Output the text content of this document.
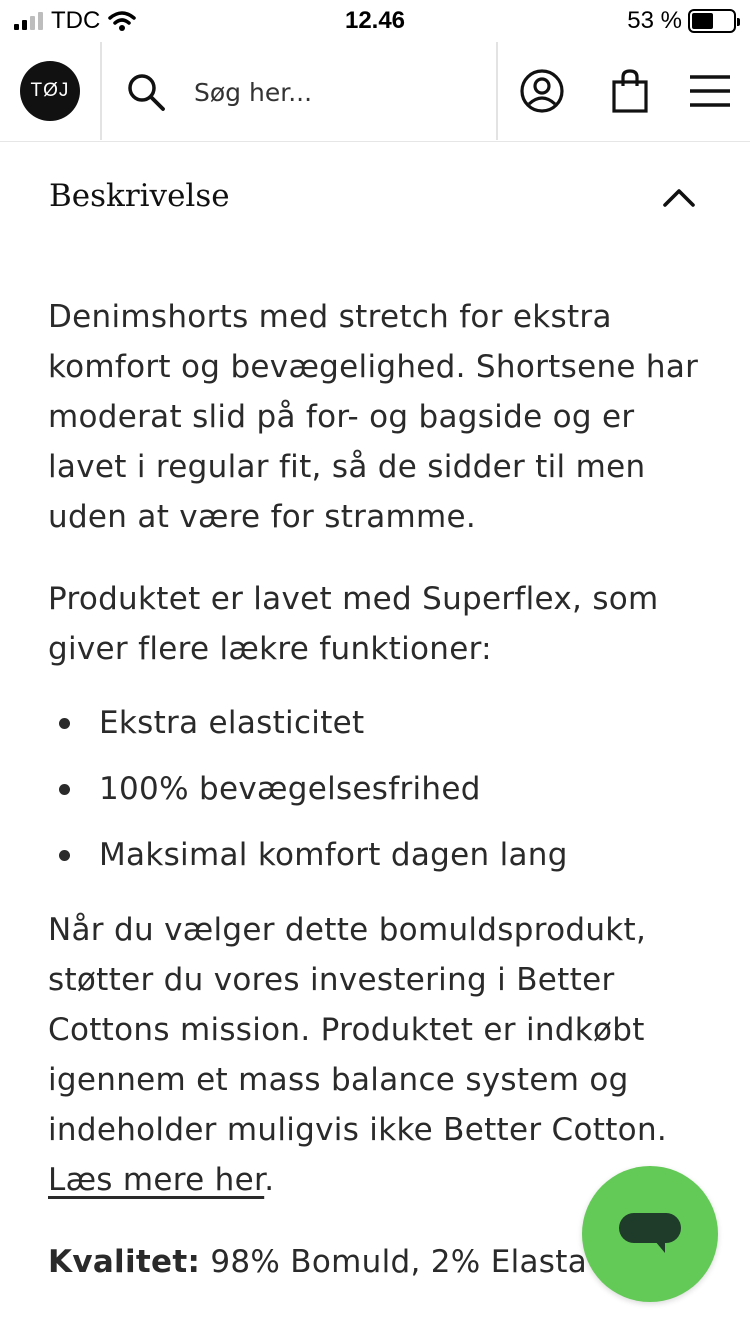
TDC	12.46	53 %
TØJ
Søg her...
Beskrivelse

Denimshorts med stretch for ekstra komfort og bevægelighed. Shortsene har moderat slid på for- og bagside og er lavet i regular fit, så de sidder til men uden at være for stramme.

Produktet er lavet med Superflex, som giver flere lækre funktioner:

Ekstra elasticitet
100% bevægelsesfrihed
Maksimal komfort dagen lang

Når du vælger dette bomuldsprodukt, støtter du vores investering i Better Cottons mission. Produktet er indkøbt igennem et mass balance system og indeholder muligvis ikke Better Cotton. Læs mere her.

Kvalitet: 98% Bomuld, 2% Elasta
